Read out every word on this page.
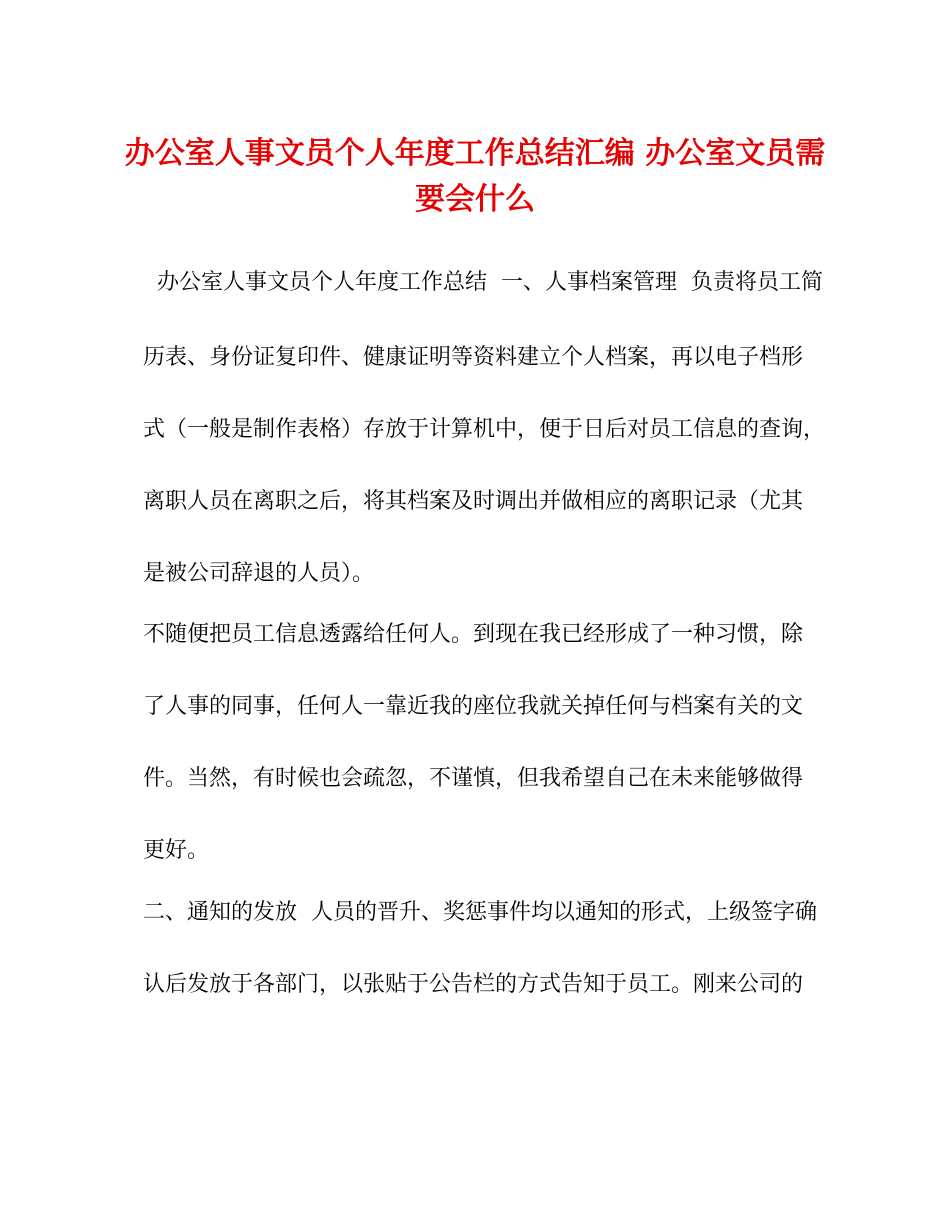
办公室人事文员个人年度工作总结汇编 办公室文员需
要会什么

办公室人事文员个人年度工作总结  一、人事档案管理  负责将员工简

历表、身份证复印件、健康证明等资料建立个人档案，再以电子档形

式（一般是制作表格）存放于计算机中，便于日后对员工信息的查询，

离职人员在离职之后，将其档案及时调出并做相应的离职记录（尤其

是被公司辞退的人员）。

不随便把员工信息透露给任何人。到现在我已经形成了一种习惯，除

了人事的同事，任何人一靠近我的座位我就关掉任何与档案有关的文

件。当然，有时候也会疏忽，不谨慎，但我希望自己在未来能够做得

更好。

二、通知的发放  人员的晋升、奖惩事件均以通知的形式，上级签字确

认后发放于各部门，以张贴于公告栏的方式告知于员工。刚来公司的
